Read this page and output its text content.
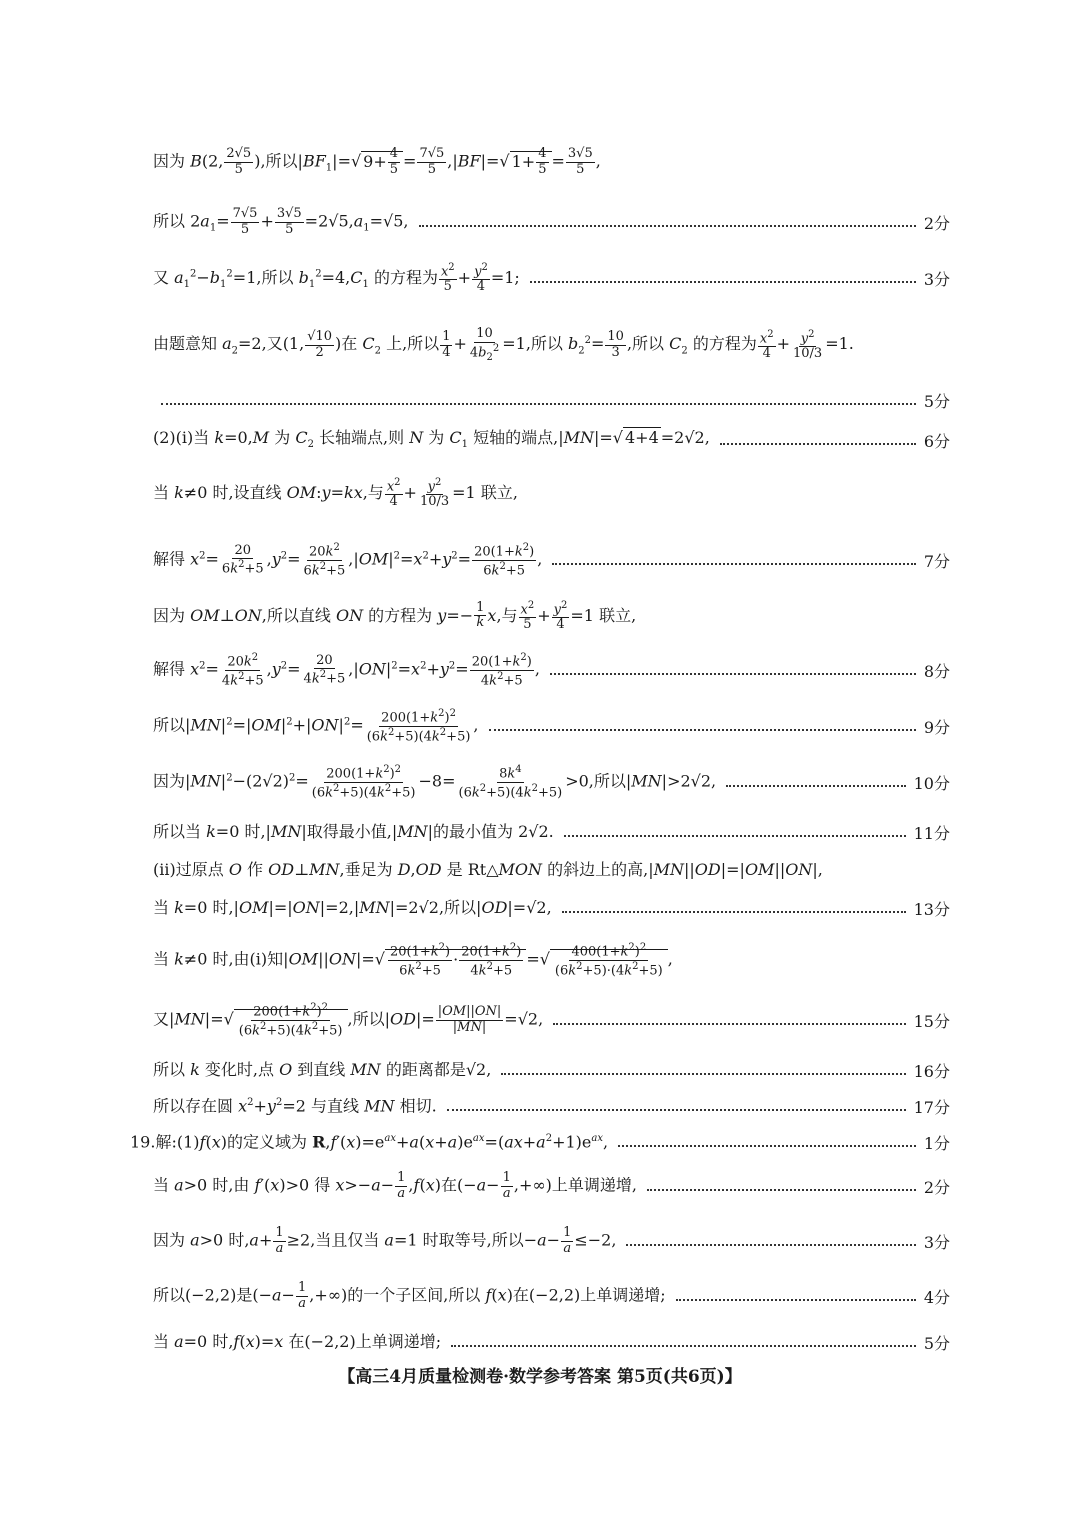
因为 B(2, $\frac{2√5}{5}$ ),所以$|BF_1|=√$ $9+ \frac{4}{5} = \frac{7√5}{5} ,|BF|=√$ $1+ \frac{4}{5} = \frac{3√5}{5}$ ,
所以 $2a_1= \frac{7√5}{5} + \frac{3√5}{5} =2√5,a_1=√5$,	2分
又 $a_1^2-b_1^2=1$,所以 $b_1^2=4,C_1$ 的方程为 $\frac{x^2}{5} + \frac{y^2}{4} =1$;	3分
由题意知 $a_2=2$,又(1, $\frac{√10}{2}$ )在 $C_2$ 上,所以 $\frac{1}{4} + \frac{10}{4b_2^2} =1$,所以 $b_2^2= \frac{10}{3}$ ,所以 $C_2$ 的方程为 $\frac{x^2}{4} + \frac{y^2}{10/3} =1$.
5分
(2)(ⅰ)当 k=0,M 为 $C_2$ 长轴端点,则 N 为 $C_1$ 短轴的端点,|MN|=√ 4+4 =2√2,	6分
当 k≠0 时,设直线 OM:y=kx,与 $\frac{x^2}{4} + \frac{y^2}{10/3} =1$ 联立,
解得 $x^2= \frac{20}{6k^2+5} ,y^2= \frac{20k^2}{6k^2+5} ,|OM|^2=x^2+y^2= \frac{20(1+k^2)}{6k^2+5}$ ,	7分
因为 OM⊥ON,所以直线 ON 的方程为 $y=- \frac{1}{k} x$,与 $\frac{x^2}{5} + \frac{y^2}{4} =1$ 联立,
解得 $x^2= \frac{20k^2}{4k^2+5} ,y^2= \frac{20}{4k^2+5} ,|ON|^2=x^2+y^2= \frac{20(1+k^2)}{4k^2+5}$ ,	8分
所以$|MN|^2=|OM|^2+|ON|^2= \frac{200(1+k^2)^2}{(6k^2+5)(4k^2+5)}$ ,	9分
因为$|MN|^2-(2√2)^2= \frac{200(1+k^2)^2}{(6k^2+5)(4k^2+5)} -8= \frac{8k^4}{(6k^2+5)(4k^2+5)} >0$,所以|MN|>2√2,	10分
所以当 k=0 时,|MN|取得最小值,|MN|的最小值为 2√2.	11分
(ⅱ)过原点 O 作 OD⊥MN,垂足为 D,OD 是 Rt△MON 的斜边上的高,|MN||OD|=|OM||ON|,
当 k=0 时,|OM|=|ON|=2,|MN|=2√2,所以|OD|=√2,	13分
当 k≠0 时,由(ⅰ)知$|OM||ON|=√ \frac{20(1+k^2)}{6k^2+5} \cdot \frac{20(1+k^2)}{4k^2+5}$ =√ $\frac{400(1+k^2)^2}{(6k^2+5)\cdot(4k^2+5)}$ ,
又$|MN|=√ \frac{200(1+k^2)^2}{(6k^2+5)(4k^2+5)}$ ,所以$|OD|= \frac{|OM||ON|}{|MN|} =√2$,	15分
所以 k 变化时,点 O 到直线 MN 的距离都是√2,	16分
所以存在圆 $x^2+y^2=2$ 与直线 MN 相切.	17分
19.解:(1)f(x)的定义域为 $R,f'(x)=e^{ax}+a(x+a)e^{ax}=(ax+a^2+1)e^{ax}$,	1分
当 a>0 时,由 f′(x)>0 得 $x>-a- \frac{1}{a} ,f(x)$在($-a- \frac{1}{a}$ ,+∞)上单调递增,	2分
因为 a>0 时$,a+ \frac{1}{a} \ge 2$,当且仅当 a=1 时取等号,所以$-a- \frac{1}{a} \le-2$,	3分
所以(−2,2)是($-a- \frac{1}{a}$ ,+∞)的一个子区间,所以 f(x)在(−2,2)上单调递增;	4分
当 a=0 时,f(x)=x 在(−2,2)上单调递增;	5分
【高三4月质量检测卷·数学参考答案 第5页(共6页)】
